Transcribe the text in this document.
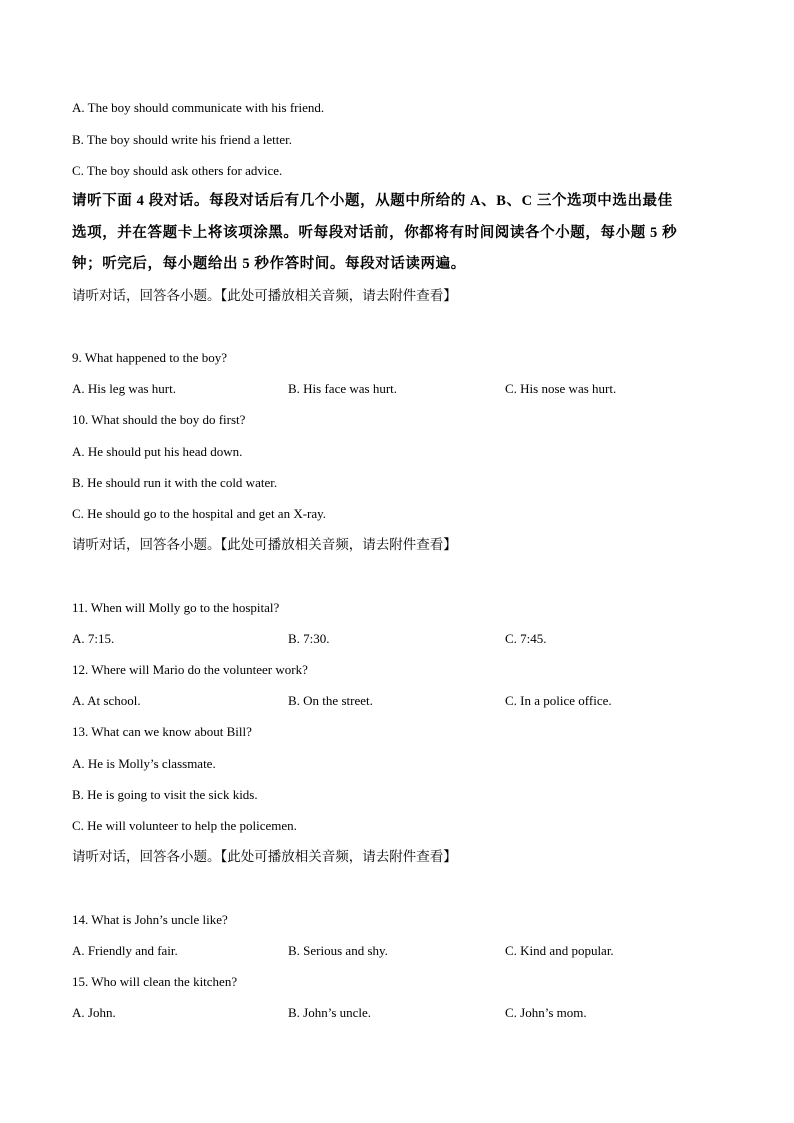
A. The boy should communicate with his friend.
B. The boy should write his friend a letter.
C. The boy should ask others for advice.
请听下面 4 段对话。每段对话后有几个小题，从题中所给的 A、B、C 三个选项中选出最佳
选项，并在答题卡上将该项涂黑。听每段对话前，你都将有时间阅读各个小题，每小题 5 秒
钟；听完后，每小题给出 5 秒作答时间。每段对话读两遍。
请听对话，回答各小题。【此处可播放相关音频，请去附件查看】
9. What happened to the boy?
A. His leg was hurt.	B. His face was hurt.	C. His nose was hurt.
10. What should the boy do first?
A. He should put his head down.
B. He should run it with the cold water.
C. He should go to the hospital and get an X-ray.
请听对话，回答各小题。【此处可播放相关音频，请去附件查看】
11. When will Molly go to the hospital?
A. 7:15.	B. 7:30.	C. 7:45.
12. Where will Mario do the volunteer work?
A. At school.	B. On the street.	C. In a police office.
13. What can we know about Bill?
A. He is Molly’s classmate.
B. He is going to visit the sick kids.
C. He will volunteer to help the policemen.
请听对话，回答各小题。【此处可播放相关音频，请去附件查看】
14. What is John’s uncle like?
A. Friendly and fair.	B. Serious and shy.	C. Kind and popular.
15. Who will clean the kitchen?
A. John.	B. John’s uncle.	C. John’s mom.
